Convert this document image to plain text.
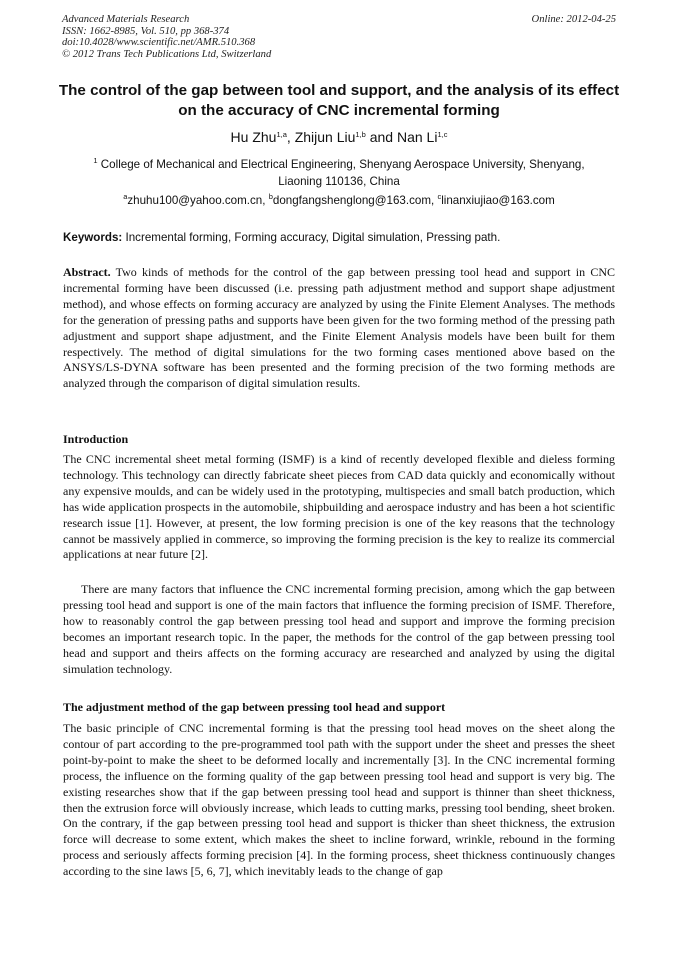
Advanced Materials Research
ISSN: 1662-8985, Vol. 510, pp 368-374
doi:10.4028/www.scientific.net/AMR.510.368
© 2012 Trans Tech Publications Ltd, Switzerland
Online: 2012-04-25
The control of the gap between tool and support, and the analysis of its effect on the accuracy of CNC incremental forming
Hu Zhu$^{1,a}$, Zhijun Liu$^{1,b}$ and Nan Li$^{1,c}$
$^1$ College of Mechanical and Electrical Engineering, Shenyang Aerospace University, Shenyang,
Liaoning 110136, China
$^a$zhuhu100@yahoo.com.cn, $^b$dongfangshenglong@163.com, $^c$linanxiujiao@163.com
Keywords: Incremental forming, Forming accuracy, Digital simulation, Pressing path.

Abstract. Two kinds of methods for the control of the gap between pressing tool head and support in CNC incremental forming have been discussed (i.e. pressing path adjustment method and support shape adjustment method), and whose effects on forming accuracy are analyzed by using the Finite Element Analyses. The methods for the generation of pressing paths and supports have been given for the two forming method of the pressing path adjustment and support shape adjustment, and the Finite Element Analysis models have been built for them respectively. The method of digital simulations for the two forming cases mentioned above based on the ANSYS/LS-DYNA software has been presented and the forming precision of the two forming methods are analyzed through the comparison of digital simulation results.

Introduction

The CNC incremental sheet metal forming (ISMF) is a kind of recently developed flexible and dieless forming technology. This technology can directly fabricate sheet pieces from CAD data quickly and economically without any expensive moulds, and can be widely used in the prototyping, multispecies and small batch production, which has wide application prospects in the automobile, shipbuilding and aerospace industry and has been a hot scientific research issue [1]. However, at present, the low forming precision is one of the key reasons that the technology cannot be massively applied in commerce, so improving the forming precision is the key to realize its commercial applications at near future [2].

There are many factors that influence the CNC incremental forming precision, among which the gap between pressing tool head and support is one of the main factors that influence the forming precision of ISMF. Therefore, how to reasonably control the gap between pressing tool head and support and improve the forming precision becomes an important research topic. In the paper, the methods for the control of the gap between pressing tool head and support and theirs affects on the forming accuracy are researched and analyzed by using the digital simulation technology.

The adjustment method of the gap between pressing tool head and support

The basic principle of CNC incremental forming is that the pressing tool head moves on the sheet along the contour of part according to the pre-programmed tool path with the support under the sheet and presses the sheet point-by-point to make the sheet to be deformed locally and incrementally [3]. In the CNC incremental forming process, the influence on the forming quality of the gap between pressing tool head and support is very big. The existing researches show that if the gap between pressing tool head and support is thinner than sheet thickness, then the extrusion force will obviously increase, which leads to cutting marks, pressing tool bending, sheet broken. On the contrary, if the gap between pressing tool head and support is thicker than sheet thickness, the extrusion force will decrease to some extent, which makes the sheet to incline forward, wrinkle, rebound in the forming process and seriously affects forming precision [4]. In the forming process, sheet thickness continuously changes according to the sine laws [5, 6, 7], which inevitably leads to the change of gap
